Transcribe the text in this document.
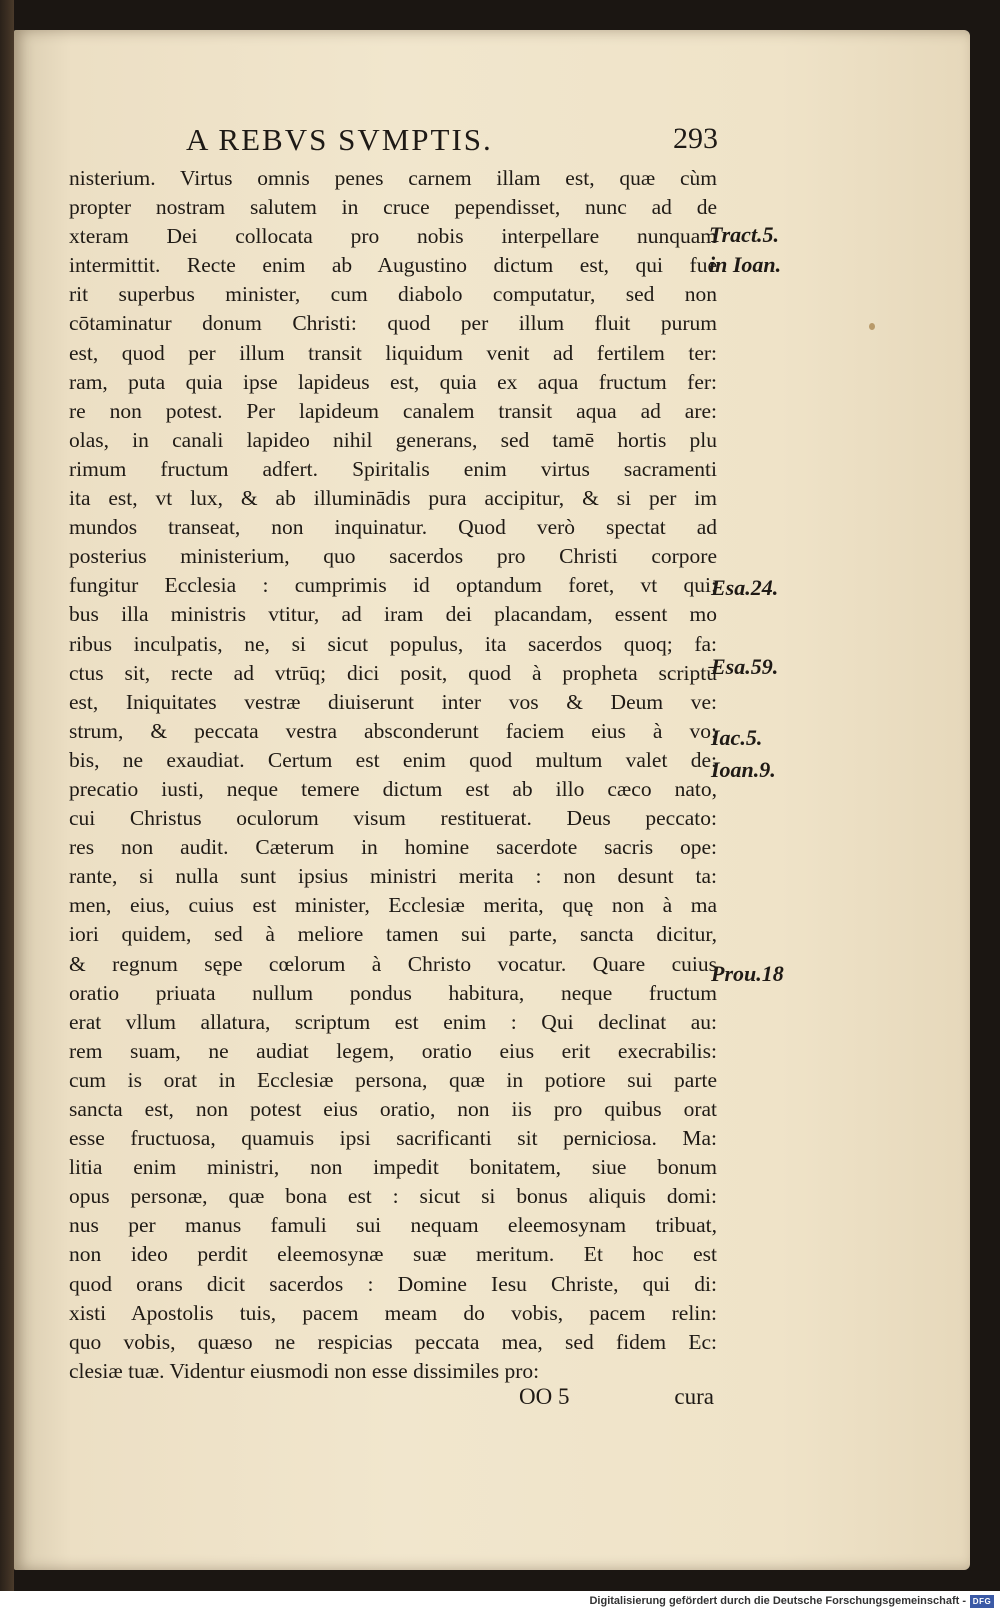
A REBVS SVMPTIS.	293
nisterium. Virtus omnis penes carnem illam est, quæ cùm
propter nostram salutem in cruce pependisset, nunc ad de
xteram Dei collocata pro nobis interpellare nunquam
intermittit. Recte enim ab Augustino dictum est, qui fue
rit superbus minister, cum diabolo computatur, sed non
cōtaminatur donum Christi: quod per illum fluit purum
est, quod per illum transit liquidum venit ad fertilem ter:
ram, puta quia ipse lapideus est, quia ex aqua fructum fer:
re non potest. Per lapideum canalem transit aqua ad are:
olas, in canali lapideo nihil generans, sed tamē hortis plu
rimum fructum adfert. Spiritalis enim virtus sacramenti
ita est, vt lux, & ab illuminādis pura accipitur, & si per im
mundos transeat, non inquinatur. Quod verò spectat ad
posterius ministerium, quo sacerdos pro Christi corpore
fungitur Ecclesia : cumprimis id optandum foret, vt qui:
bus illa ministris vtitur, ad iram dei placandam, essent mo
ribus inculpatis, ne, si sicut populus, ita sacerdos quoq; fa:
ctus sit, recte ad vtrūq; dici posit, quod à propheta scriptū
est, Iniquitates vestræ diuiserunt inter vos & Deum ve:
strum, & peccata vestra absconderunt faciem eius à vo:
bis, ne exaudiat. Certum est enim quod multum valet de:
precatio iusti, neque temere dictum est ab illo cæco nato,
cui Christus oculorum visum restituerat. Deus peccato:
res non audit. Cæterum in homine sacerdote sacris ope:
rante, si nulla sunt ipsius ministri merita : non desunt ta:
men, eius, cuius est minister, Ecclesiæ merita, quę non à ma
iori quidem, sed à meliore tamen sui parte, sancta dicitur,
& regnum sępe cœlorum à Christo vocatur. Quare cuius
oratio priuata nullum pondus habitura, neque fructum
erat vllum allatura, scriptum est enim : Qui declinat au:
rem suam, ne audiat legem, oratio eius erit execrabilis:
cum is orat in Ecclesiæ persona, quæ in potiore sui parte
sancta est, non potest eius oratio, non iis pro quibus orat
esse fructuosa, quamuis ipsi sacrificanti sit perniciosa. Ma:
litia enim ministri, non impedit bonitatem, siue bonum
opus personæ, quæ bona est : sicut si bonus aliquis domi:
nus per manus famuli sui nequam eleemosynam tribuat,
non ideo perdit eleemosynæ suæ meritum. Et hoc est
quod orans dicit sacerdos : Domine Iesu Christe, qui di:
xisti Apostolis tuis, pacem meam do vobis, pacem relin:
quo vobis, quæso ne respicias peccata mea, sed fidem Ec:
clesiæ tuæ. Videntur eiusmodi non esse dissimiles pro:
Tract.5.
in Ioan.
Esa.24.
Esa.59.
Iac.5.
Ioan.9.
Prou.18
OO 5	cura
Digitalisierung gefördert durch die Deutsche Forschungsgemeinschaft - DFG
